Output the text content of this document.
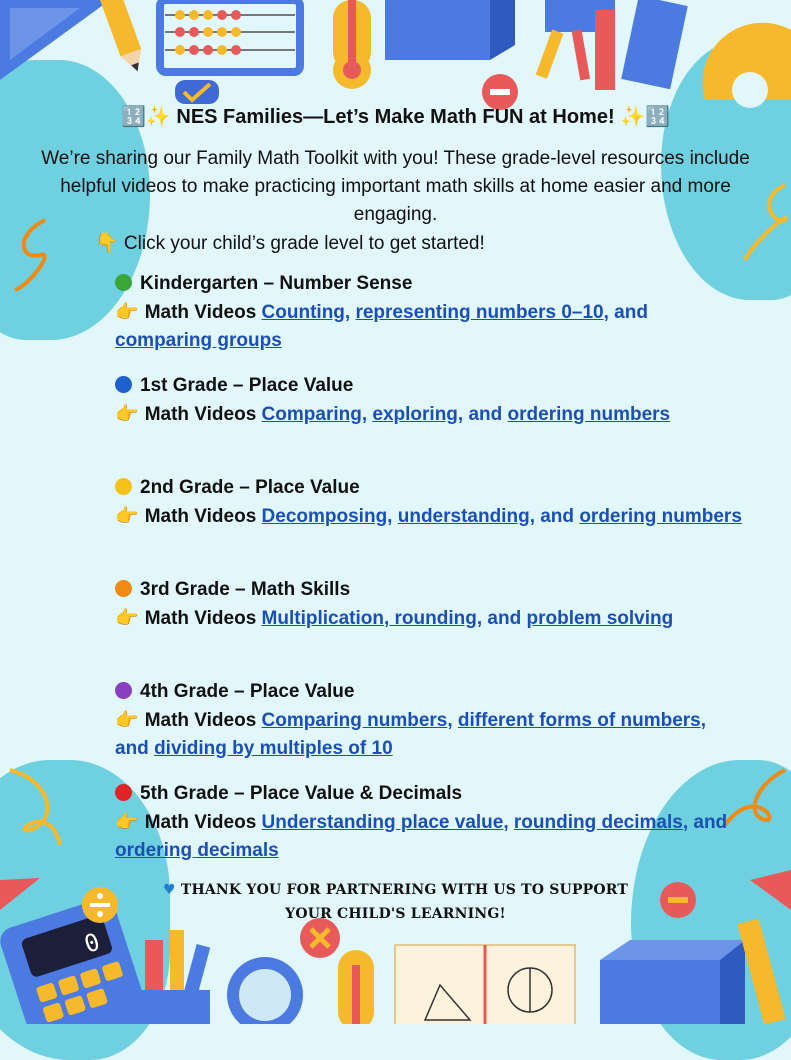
0
🔢✨ NES Families—Let’s Make Math FUN at Home! ✨🔢
We’re sharing our Family Math Toolkit with you! These grade-level resources include helpful videos to make practicing important math skills at home easier and more engaging.
👇 Click your child’s grade level to get started!
Kindergarten – Number Sense
👉 Math Videos Counting, representing numbers 0–10, and comparing groups
1st Grade – Place Value
👉 Math Videos Comparing, exploring, and ordering numbers
2nd Grade – Place Value
👉 Math Videos Decomposing, understanding, and ordering numbers
3rd Grade – Math Skills
👉 Math Videos Multiplication, rounding, and problem solving
4th Grade – Place Value
👉 Math Videos Comparing numbers, different forms of numbers, and dividing by multiples of 10
5th Grade – Place Value & Decimals
👉 Math Videos Understanding place value, rounding decimals, and ordering decimals
♥ THANK YOU FOR PARTNERING WITH US TO SUPPORT
YOUR CHILD'S LEARNING!
